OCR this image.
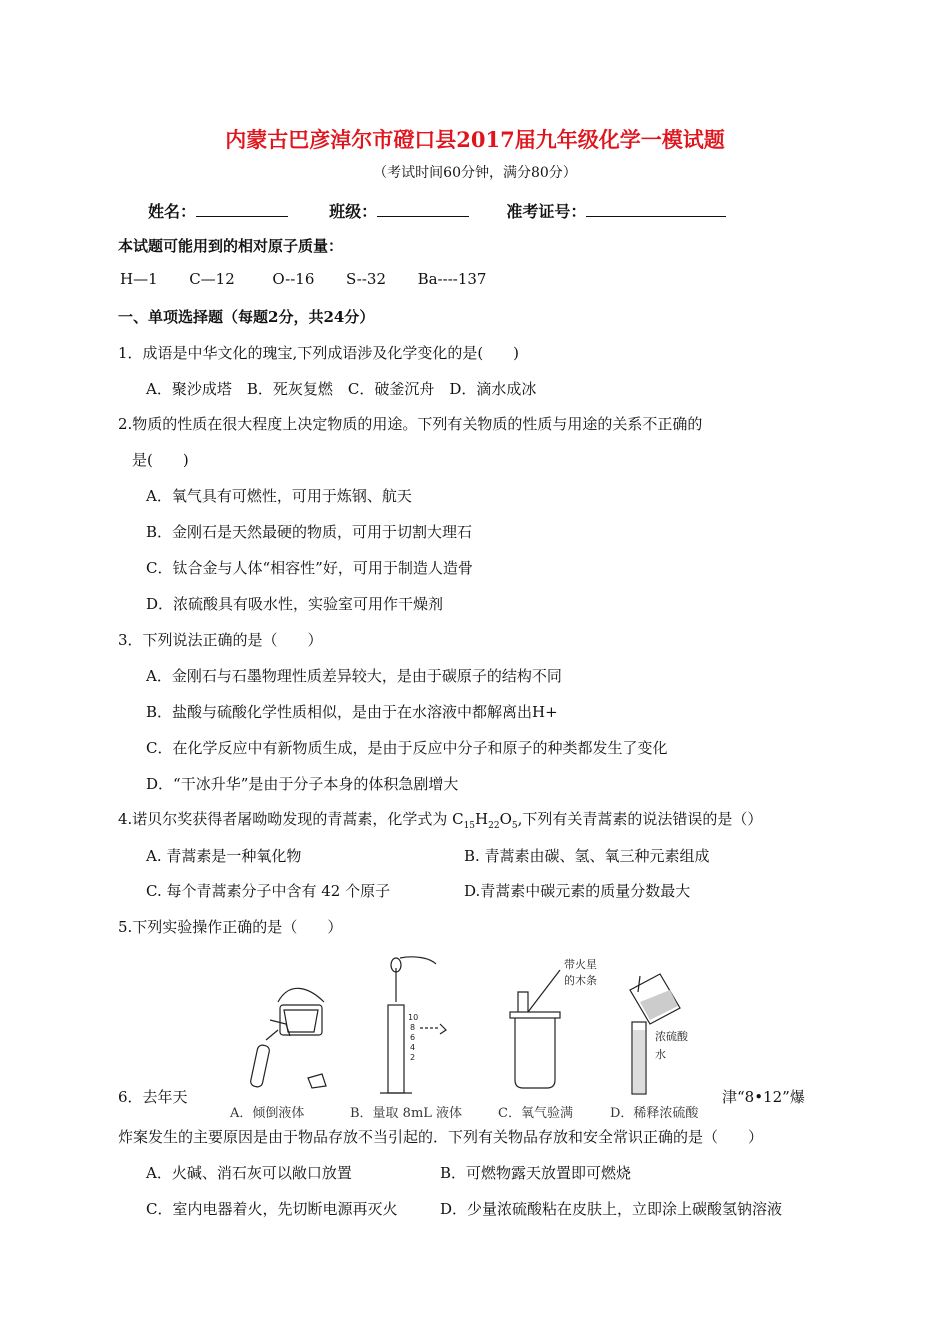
内蒙古巴彦淖尔市磴口县2017届九年级化学一模试题
（考试时间60分钟，满分80分）
姓名：	班级：	准考证号：
本试题可能用到的相对原子质量：
H—1 C—12	O--16 S--32 Ba----137
一、单项选择题（每题2分，共24分）
1．成语是中华文化的瑰宝,下列成语涉及化学变化的是(　　)
A．聚沙成塔　B．死灰复燃　C．破釜沉舟　D．滴水成冰
2.物质的性质在很大程度上决定物质的用途。下列有关物质的性质与用途的关系不正确的
是(　　)
A．氧气具有可燃性，可用于炼钢、航天
B．金刚石是天然最硬的物质，可用于切割大理石
C．钛合金与人体“相容性”好，可用于制造人造骨
D．浓硫酸具有吸水性，实验室可用作干燥剂
3．下列说法正确的是（　　）
A．金刚石与石墨物理性质差异较大，是由于碳原子的结构不同
B．盐酸与硫酸化学性质相似，是由于在水溶液中都解离出H+
C．在化学反应中有新物质生成，是由于反应中分子和原子的种类都发生了变化
D．“干冰升华”是由于分子本身的体积急剧增大
4.诺贝尔奖获得者屠呦呦发现的青蒿素，化学式为 $C_{15}H_{22}O_5$,下列有关青蒿素的说法错误的是（）
A. 青蒿素是一种氧化物	B. 青蒿素由碳、氢、氧三种元素组成
C. 每个青蒿素分子中含有 42 个原子	D.青蒿素中碳元素的质量分数最大
5.下列实验操作正确的是（　　）
10
8
6
4
2
带火星
的木条
浓硫酸
水
6．去年天
A．倾倒液体	B．量取 8mL 液体	C．氧气验满	D．稀释浓硫酸
津“8•12”爆
炸案发生的主要原因是由于物品存放不当引起的．下列有关物品存放和安全常识正确的是（　　）
A．火碱、消石灰可以敞口放置	B．可燃物露天放置即可燃烧
C．室内电器着火，先切断电源再灭火	D．少量浓硫酸粘在皮肤上，立即涂上碳酸氢钠溶液
